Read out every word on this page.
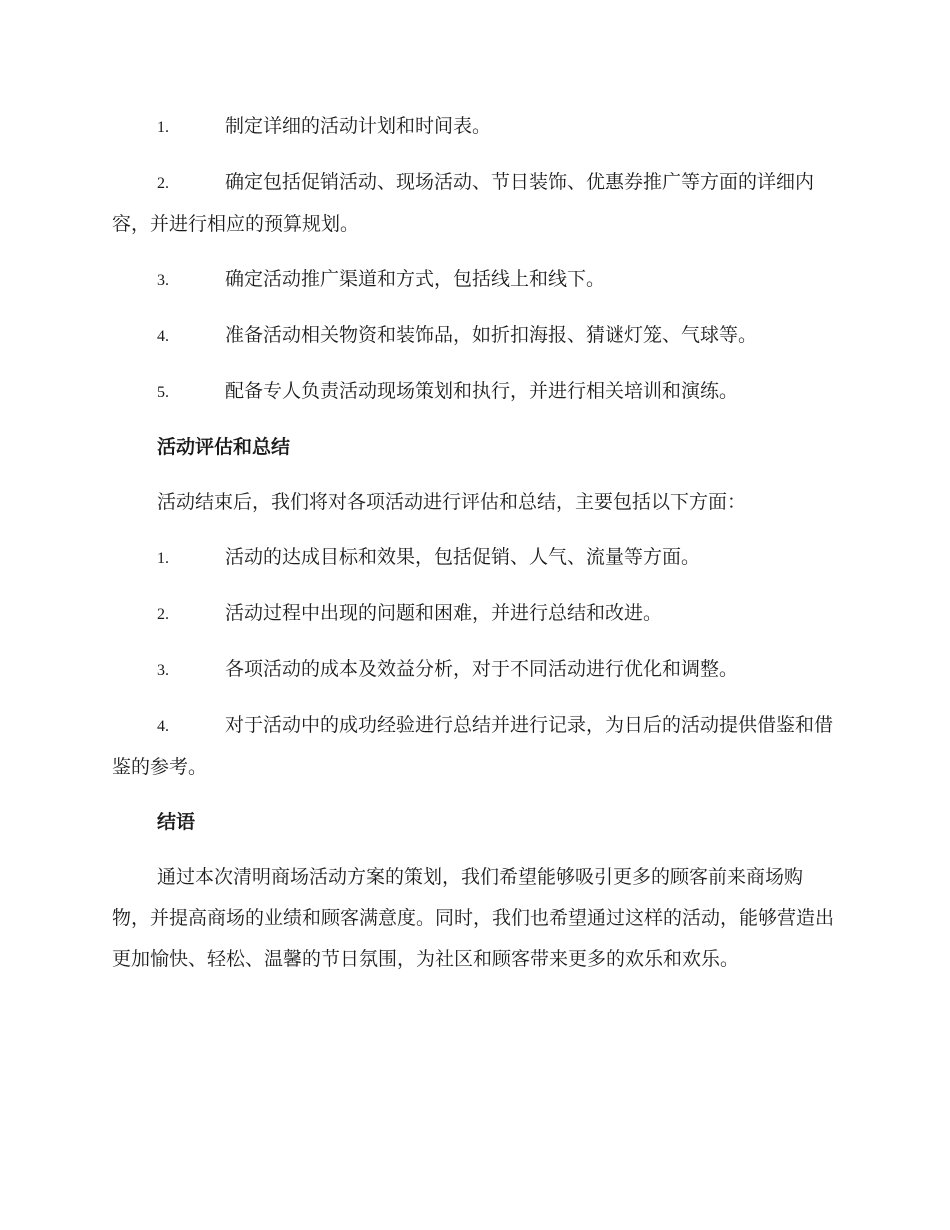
1.	制定详细的活动计划和时间表。
2.	确定包括促销活动、现场活动、节日装饰、优惠券推广等方面的详细内容，并进行相应的预算规划。
3.	确定活动推广渠道和方式，包括线上和线下。
4.	准备活动相关物资和装饰品，如折扣海报、猜谜灯笼、气球等。
5.	配备专人负责活动现场策划和执行，并进行相关培训和演练。
活动评估和总结
活动结束后，我们将对各项活动进行评估和总结，主要包括以下方面：
1.	活动的达成目标和效果，包括促销、人气、流量等方面。
2.	活动过程中出现的问题和困难，并进行总结和改进。
3.	各项活动的成本及效益分析，对于不同活动进行优化和调整。
4.	对于活动中的成功经验进行总结并进行记录，为日后的活动提供借鉴和借鉴的参考。
结语
通过本次清明商场活动方案的策划，我们希望能够吸引更多的顾客前来商场购物，并提高商场的业绩和顾客满意度。同时，我们也希望通过这样的活动，能够营造出更加愉快、轻松、温馨的节日氛围，为社区和顾客带来更多的欢乐和欢乐。
